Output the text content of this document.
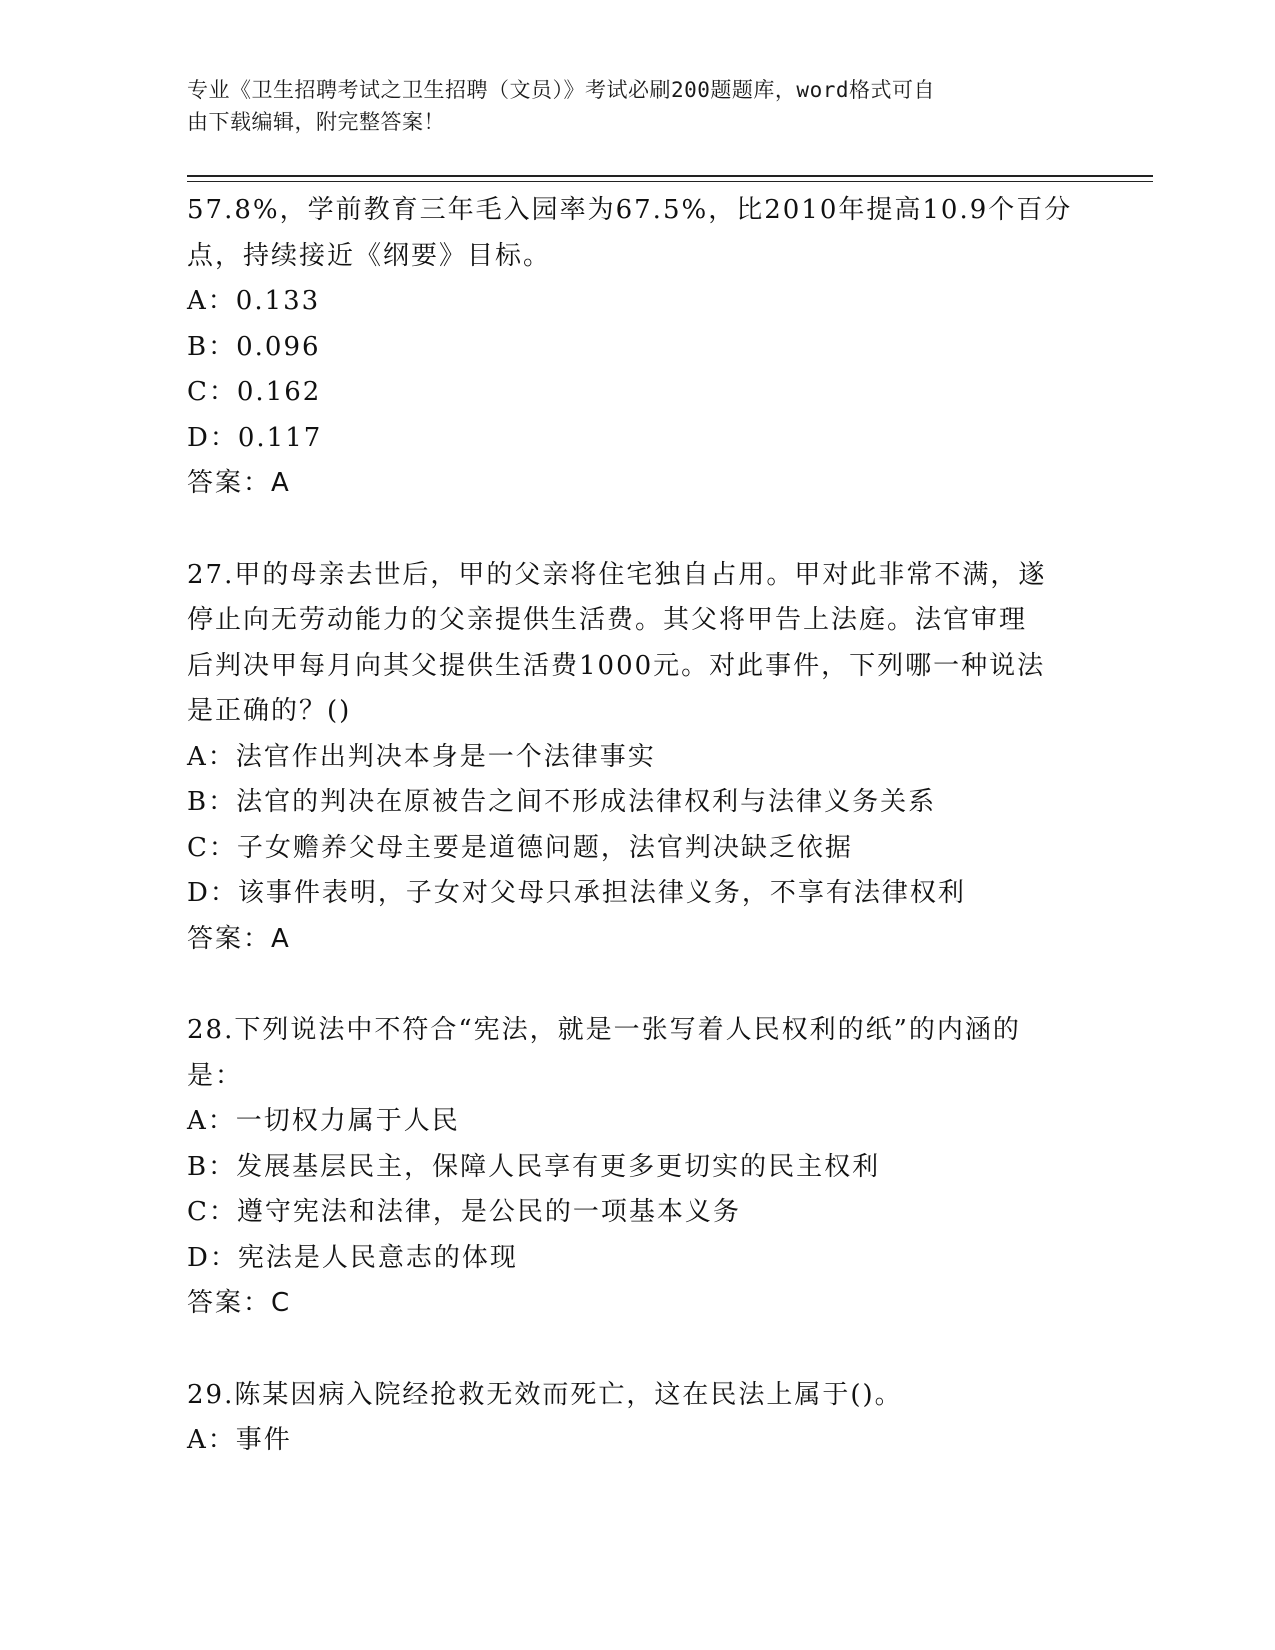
专业《卫生招聘考试之卫生招聘（文员）》考试必刷200题题库，word格式可自
由下载编辑，附完整答案！
57.8%，学前教育三年毛入园率为67.5%，比2010年提高10.9个百分
点，持续接近《纲要》目标。
A：0.133
B：0.096
C：0.162
D：0.117
答案：A
27.甲的母亲去世后，甲的父亲将住宅独自占用。甲对此非常不满，遂
停止向无劳动能力的父亲提供生活费。其父将甲告上法庭。法官审理
后判决甲每月向其父提供生活费1000元。对此事件，下列哪一种说法
是正确的？()
A：法官作出判决本身是一个法律事实
B：法官的判决在原被告之间不形成法律权利与法律义务关系
C：子女赡养父母主要是道德问题，法官判决缺乏依据
D：该事件表明，子女对父母只承担法律义务，不享有法律权利
答案：A
28.下列说法中不符合“宪法，就是一张写着人民权利的纸”的内涵的
是：
A：一切权力属于人民
B：发展基层民主，保障人民享有更多更切实的民主权利
C：遵守宪法和法律，是公民的一项基本义务
D：宪法是人民意志的体现
答案：C
29.陈某因病入院经抢救无效而死亡，这在民法上属于()。
A：事件
